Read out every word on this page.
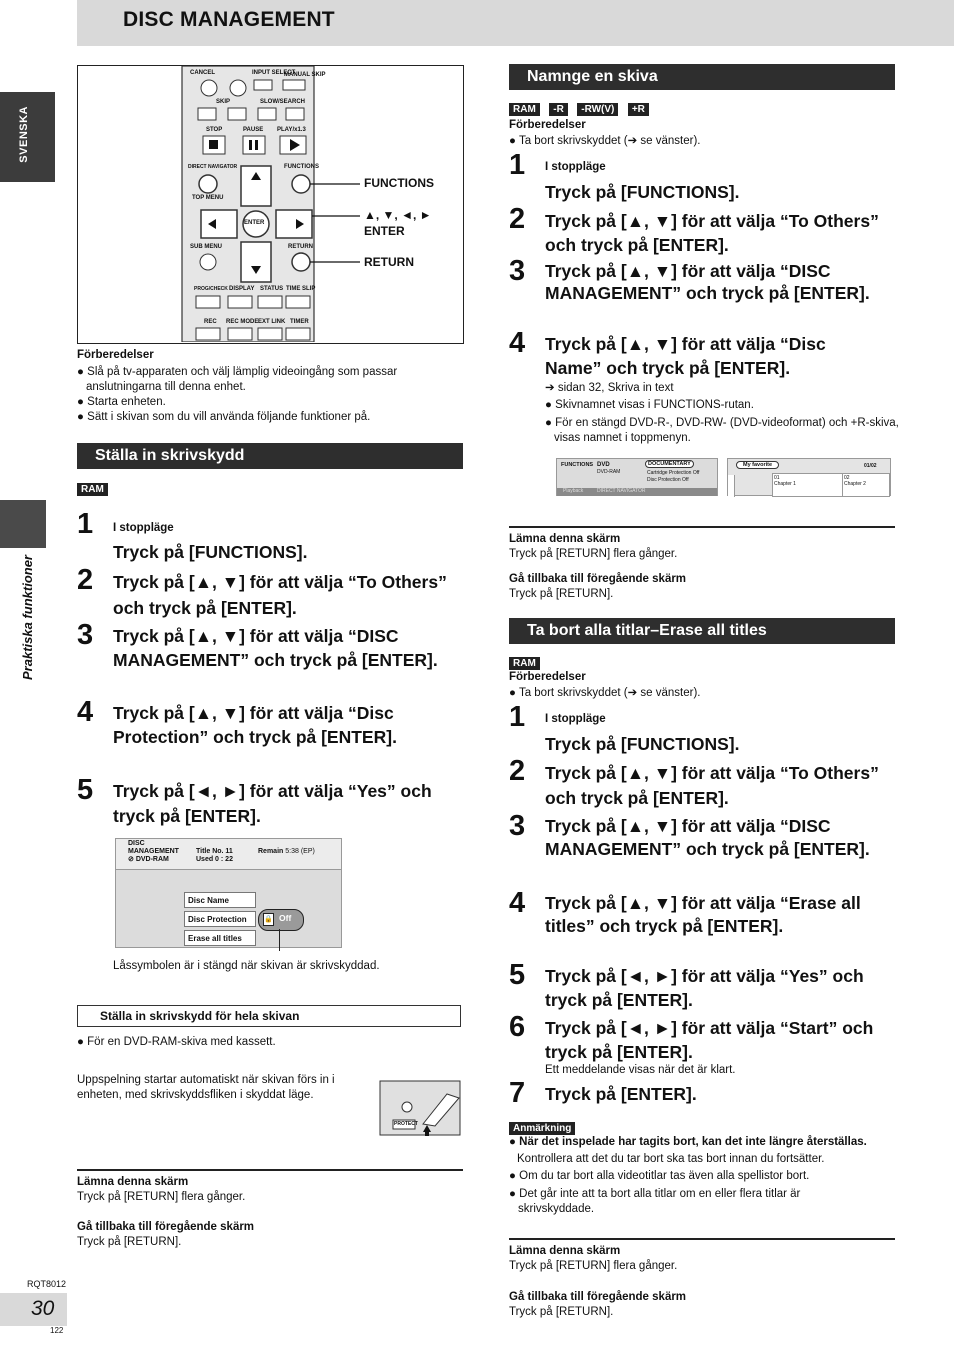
DISC MANAGEMENT
SVENSKA
Praktiska funktioner
CANCEL	INPUT SELECT
MANUAL SKIP
SKIP	SLOW/SEARCH
STOP	PAUSE PLAY/x1.3
DIRECT NAVIGATOR
TOP MENU
FUNCTIONS
ENTER
SUB MENU	RETURN
PROG/CHECK DISPLAY STATUS TIME SLIP
REC REC MODE EXT LINK TIMER
FUNCTIONS
▲, ▼, ◄, ►
ENTER
RETURN
Förberedelser
● Slå på tv-apparaten och välj lämplig videoingång som passar anslutningarna till denna enhet.
● Starta enheten.
● Sätt i skivan som du vill använda följande funktioner på.
Ställa in skrivskydd
RAM
1 I stoppläge
Tryck på [FUNCTIONS].
2 Tryck på [▲, ▼] för att välja “To Others” och tryck på [ENTER].
3 Tryck på [▲, ▼] för att välja “DISC MANAGEMENT” och tryck på [ENTER].
4 Tryck på [▲, ▼] för att välja “Disc Protection” och tryck på [ENTER].
5 Tryck på [◄, ►] för att välja “Yes” och tryck på [ENTER].
DISC
MANAGEMENT
⊘ DVD-RAM
Title No. 11
Used 0 : 22
Remain 5:38 (EP)
Disc Name
Disc Protection
Erase all titles
🔒 Off
Låssymbolen är i stängd när skivan är skrivskyddad.
Ställa in skrivskydd för hela skivan
● För en DVD-RAM-skiva med kassett.
Uppspelning startar automatiskt när skivan förs in i enheten, med skrivskyddsfliken i skyddat läge.
PROTECT
Lämna denna skärm
Tryck på [RETURN] flera gånger.
Gå tillbaka till föregående skärm
Tryck på [RETURN].
RQT8012
30
122
Namnge en skiva
RAM -R -RW(V) +R
Förberedelser
● Ta bort skrivskyddet (➔ se vänster).
1 I stoppläge
Tryck på [FUNCTIONS].
2 Tryck på [▲, ▼] för att välja “To Others” och tryck på [ENTER].
3 Tryck på [▲, ▼] för att välja “DISC MANAGEMENT” och tryck på [ENTER].
4 Tryck på [▲, ▼] för att välja “Disc Name” och tryck på [ENTER].
➔ sidan 32, Skriva in text
● Skivnamnet visas i FUNCTIONS-rutan.
● För en stängd DVD-R-, DVD-RW- (DVD-videoformat) och +R-skiva, visas namnet i toppmenyn.
FUNCTIONS DVD
DVD-RAM
DOCUMENTARY
Cartridge Protection Off
Disc Protection Off
Playback	DIRECT NAVIGATOR
My favorite	01/02
01
Chapter 1
02
Chapter 2
Lämna denna skärm
Tryck på [RETURN] flera gånger.
Gå tillbaka till föregående skärm
Tryck på [RETURN].
Ta bort alla titlar–Erase all titles
RAM
Förberedelser
● Ta bort skrivskyddet (➔ se vänster).
1 I stoppläge
Tryck på [FUNCTIONS].
2 Tryck på [▲, ▼] för att välja “To Others” och tryck på [ENTER].
3 Tryck på [▲, ▼] för att välja “DISC MANAGEMENT” och tryck på [ENTER].
4 Tryck på [▲, ▼] för att välja “Erase all titles” och tryck på [ENTER].
5 Tryck på [◄, ►] för att välja “Yes” och tryck på [ENTER].
6 Tryck på [◄, ►] för att välja “Start” och tryck på [ENTER].
Ett meddelande visas när det är klart.
7 Tryck på [ENTER].
Anmärkning
● När det inspelade har tagits bort, kan det inte längre återställas.
Kontrollera att det du tar bort ska tas bort innan du fortsätter.
● Om du tar bort alla videotitlar tas även alla spellistor bort.
● Det går inte att ta bort alla titlar om en eller flera titlar är skrivskyddade.
Lämna denna skärm
Tryck på [RETURN] flera gånger.
Gå tillbaka till föregående skärm
Tryck på [RETURN].
